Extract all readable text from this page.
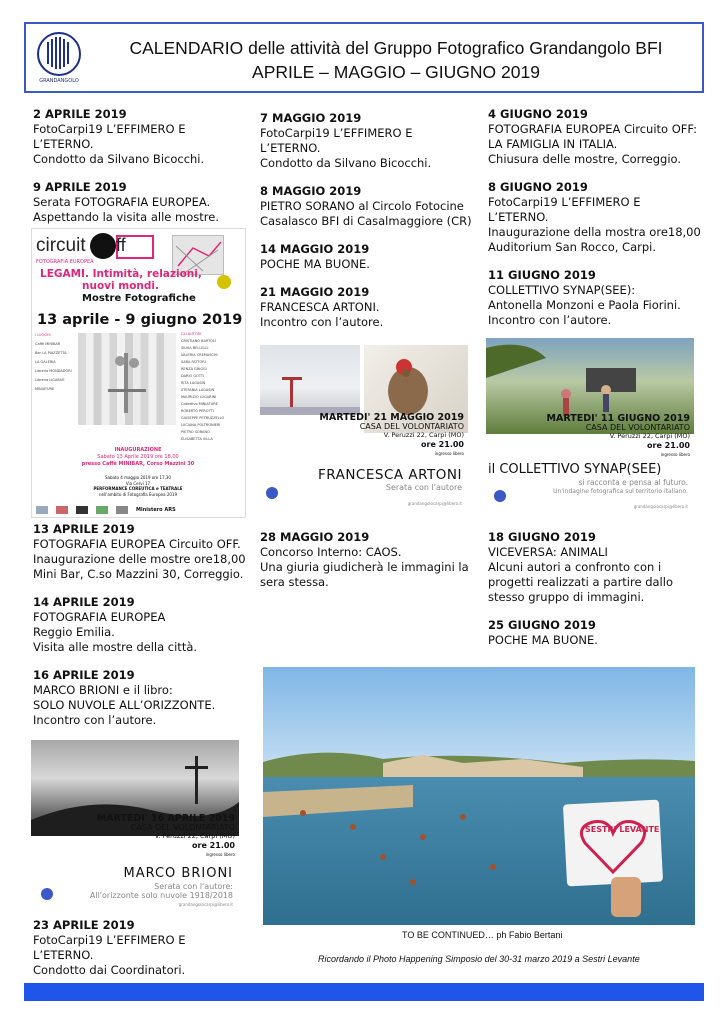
GRANDANGOLO
CALENDARIO delle attività del Gruppo Fotografico Grandangolo BFI
APRILE – MAGGIO – GIUGNO 2019
2 APRILE 2019
FotoCarpi19 L’EFFIMERO E
L’ETERNO.
Condotto da Silvano Bicocchi.
9 APRILE 2019
Serata FOTOGRAFIA EUROPEA.
Aspettando la visita alle mostre.
circuit ff
FOTOGRAFIA EUROPEA
LEGAMI. Intimità, relazioni,
nuovi mondi.
Mostre Fotografiche
13 aprile - 9 giugno 2019
I LUOGHI
Caffè MINIBAR
Bar LA PIAZZETTA
LA GALERIA
Libreria MONDADORI
Libreria LIGABUE
MINIATURE
GLI AUTORI
CRISTIANO BARTOLI
SILVIA BELLELLI
VALERIA CREMASCHI
SARA FATTORI
RENZA GRIGGI
DARIO GOTTI
RITA LAGASIN
STEFANIA LAGASIN
MAURIZIO LUGARINI
Collettivo MINIATURE
ROBERTO PEROTTI
GIUSEPPE PETRUZZELLO
LUCIANA POLTRONIERI
PIETRO SORANO
ELISABETTA VILLA
INAUGURAZIONE
Sabato 13 Aprile 2019 ore 18,00
presso Caffè MINIBAR, Corso Mazzini 30
Sabato 4 maggio 2019 ore 17,30
Via Cervi 17
PERFORMANCE COREUTICA e TEATRALE
nell'ambito di Fotografia Europea 2019
Ministero ARS
13 APRILE 2019
FOTOGRAFIA EUROPEA Circuito OFF.
Inaugurazione delle mostre ore18,00
Mini Bar, C.so Mazzini 30, Correggio.
14 APRILE 2019
FOTOGRAFIA EUROPEA
Reggio Emilia.
Visita alle mostre della città.
16 APRILE 2019
MARCO BRIONI e il libro:
SOLO NUVOLE ALL’ORIZZONTE.
Incontro con l’autore.
MARTEDI' 16 APRILE 2019
CASA DEL VOLONTARIATO
V. Peruzzi 22, Carpi (MO)
ore 21.00
ingresso libero
MARCO BRIONI
Serata con l'autore:
All'orizzonte solo nuvole 1918/2018
grandangolocarpi@libero.it
23 APRILE 2019
FotoCarpi19 L’EFFIMERO E
L’ETERNO.
Condotto dai Coordinatori.
7 MAGGIO 2019
FotoCarpi19 L’EFFIMERO E
L’ETERNO.
Condotto da Silvano Bicocchi.
8 MAGGIO 2019
PIETRO SORANO al Circolo Fotocine
Casalasco BFI di Casalmaggiore (CR)
14 MAGGIO 2019
POCHE MA BUONE.
21 MAGGIO 2019
FRANCESCA ARTONI.
Incontro con l’autore.
MARTEDI' 21 MAGGIO 2019
CASA DEL VOLONTARIATO
V. Peruzzi 22, Carpi (MO)
ore 21.00
ingresso libero
FRANCESCA ARTONI
Serata con l'autore
grandangolocarpi@libero.it
28 MAGGIO 2019
Concorso Interno: CAOS.
Una giuria giudicherà le immagini la
sera stessa.
4 GIUGNO 2019
FOTOGRAFIA EUROPEA Circuito OFF:
LA FAMIGLIA IN ITALIA.
Chiusura delle mostre, Correggio.
8 GIUGNO 2019
FotoCarpi19 L’EFFIMERO E
L’ETERNO.
Inaugurazione della mostra ore18,00
Auditorium San Rocco, Carpi.
11 GIUGNO 2019
COLLETTIVO SYNAP(SEE):
Antonella Monzoni e Paola Fiorini.
Incontro con l’autore.
MARTEDI' 11 GIUGNO 2019
CASA DEL VOLONTARIATO
V. Peruzzi 22, Carpi (MO)
ore 21.00
ingresso libero
il COLLETTIVO SYNAP(SEE)
si racconta e pensa al futuro.
Un'indagine fotografica sul territorio italiano.
grandangolocarpi@libero.it
18 GIUGNO 2019
VICEVERSA: ANIMALI
Alcuni autori a confronto con i
progetti realizzati a partire dallo
stesso gruppo di immagini.
25 GIUGNO 2019
POCHE MA BUONE.
SESTRI LEVANTE
TO BE CONTINUED… ph Fabio Bertani
Ricordando il Photo Happening Simposio del 30-31 marzo 2019 a Sestri Levante
